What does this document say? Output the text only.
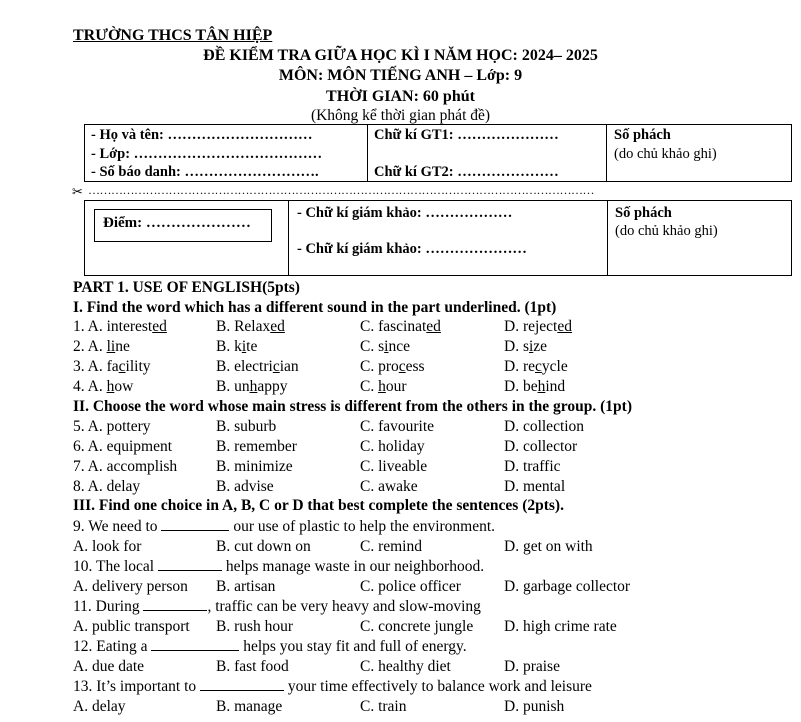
TRƯỜNG THCS TÂN HIỆP
ĐỀ KIỂM TRA GIỮA HỌC KÌ I NĂM HỌC: 2024– 2025
MÔN: MÔN TIẾNG ANH – Lớp: 9
THỜI GIAN: 60 phút
(Không kể thời gian phát đề)
- Họ và tên: …………………………
- Lớp: …………………………………
- Số báo danh: ……………………….

Chữ kí GT1: …………………
Chữ kí GT2: …………………

Số phách
(do chủ khảo ghi)
✂ ……………………………………………………………………………………………………………………
Điểm: …………………

- Chữ kí giám khảo: ………………
- Chữ kí giám khảo: …………………

Số phách
(do chủ khảo ghi)
PART 1. USE OF ENGLISH(5pts)
I. Find the word which has a different sound in the part underlined. (1pt)
1. A. interested	B. Relaxed	C. fascinated	D. rejected
2. A. line	B. kite	C. since	D. size
3. A. facility	B. electrician	C. process	D. recycle
4. A. how	B. unhappy	C. hour	D. behind
II. Choose the word whose main stress is different from the others in the group. (1pt)
5. A. pottery	B. suburb	C. favourite	D. collection
6. A. equipment	B. remember	C. holiday	D. collector
7. A. accomplish	B. minimize	C. liveable	D. traffic
8. A. delay	B. advise	C. awake	D. mental
III. Find one choice in A, B, C or D that best complete the sentences (2pts).
9. We need to	our use of plastic to help the environment.
A. look for	B. cut down on	C. remind	D. get on with
10. The local	helps manage waste in our neighborhood.
A. delivery person B. artisan	C. police officer	D. garbage collector
11. During	, traffic can be very heavy and slow-moving
A. public transport B. rush hour	C. concrete jungle D. high crime rate
12. Eating a	helps you stay fit and full of energy.
A. due date	B. fast food	C. healthy diet	D. praise
13. It’s important to	your time effectively to balance work and leisure
A. delay	B. manage	C. train	D. punish
